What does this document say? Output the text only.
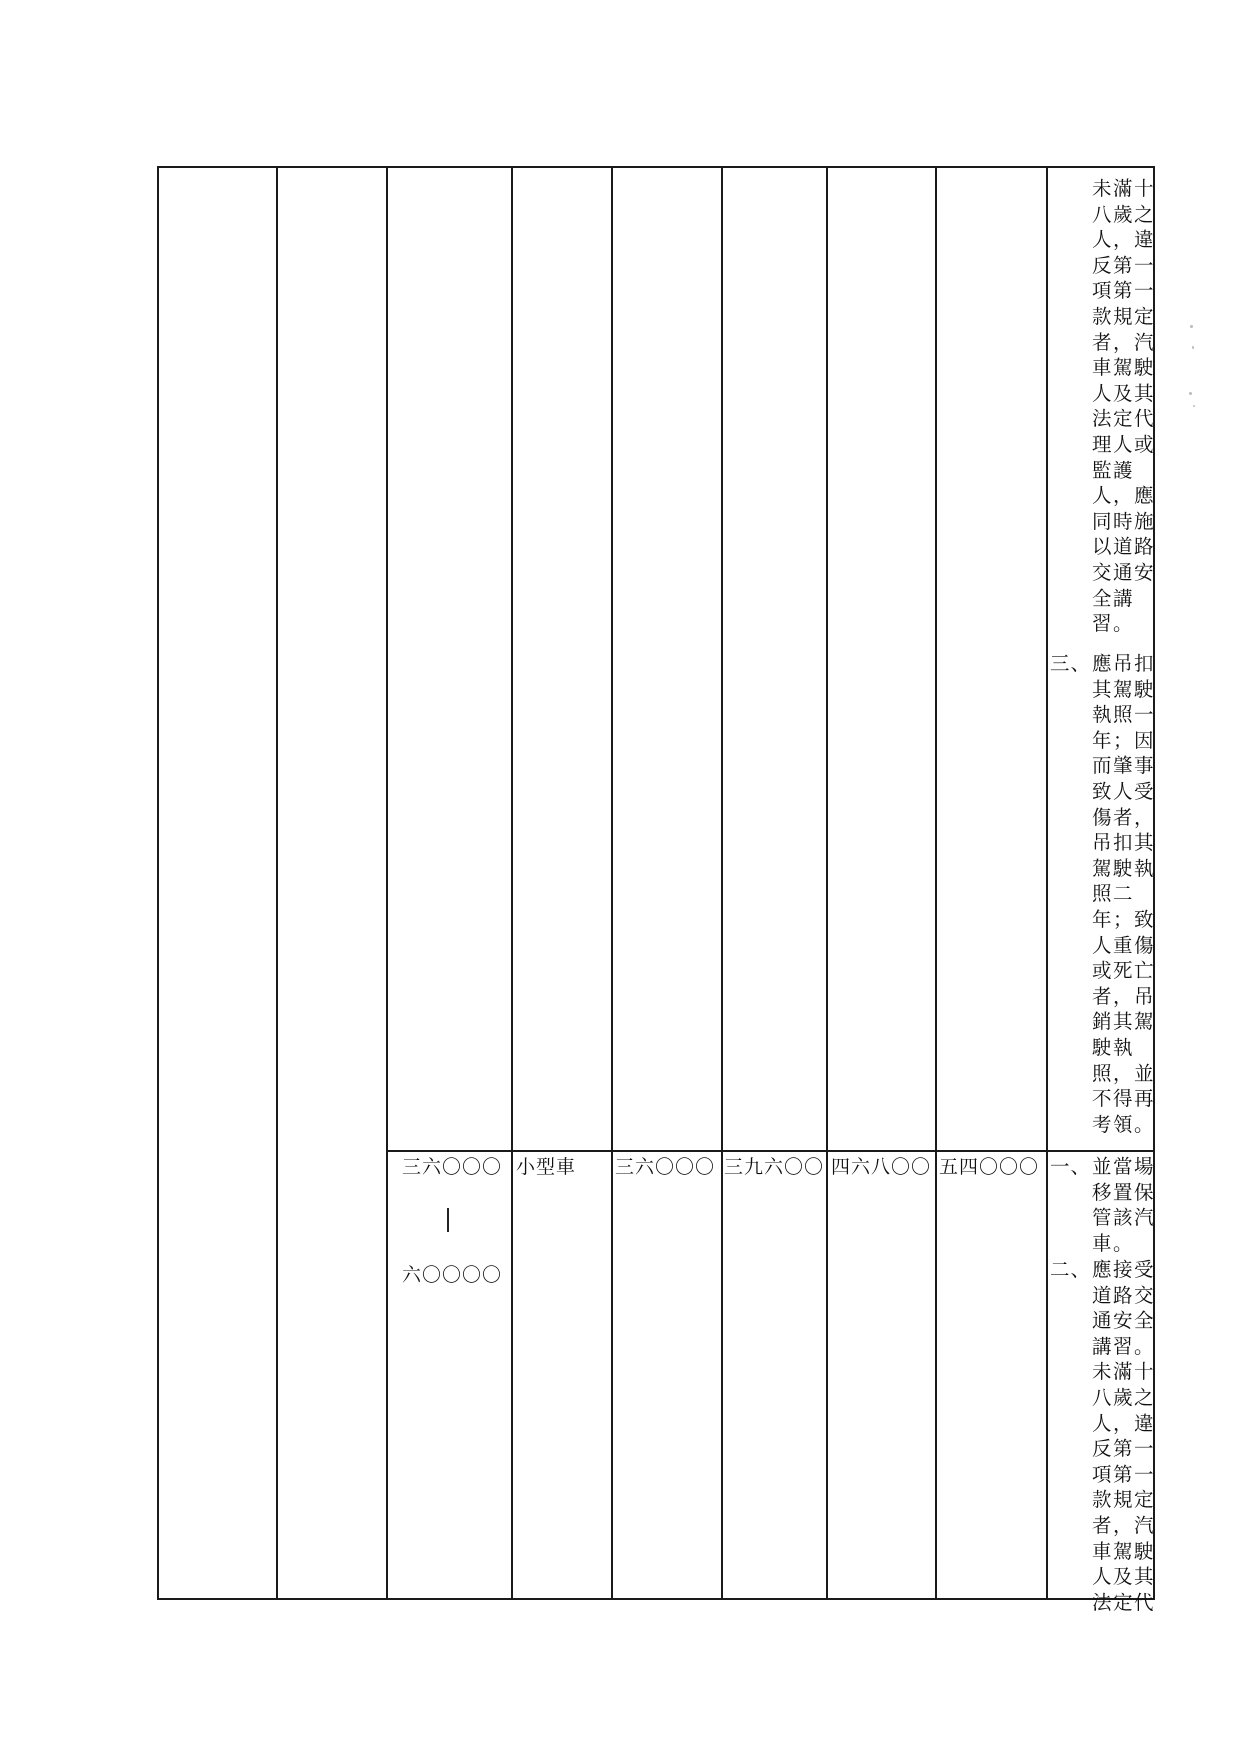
未滿十
八歲之
人，違
反第一
項第一
款規定
者，汽
車駕駛
人及其
法定代
理人或
監護
人，應
同時施
以道路
交通安
全講
習。
三、 應吊扣
其駕駛
執照一
年；因
而肇事
致人受
傷者，
吊扣其
駕駛執
照二
年；致
人重傷
或死亡
者，吊
銷其駕
駛執
照，並
不得再
考領。
三六〇〇〇
六〇〇〇〇
小型車 三六〇〇〇 三九六〇〇 四六八〇〇 五四〇〇〇 一、 並當場
移置保
管該汽
車。
二、 應接受
道路交
通安全
講習。
未滿十
八歲之
人，違
反第一
項第一
款規定
者，汽
車駕駛
人及其
法定代
